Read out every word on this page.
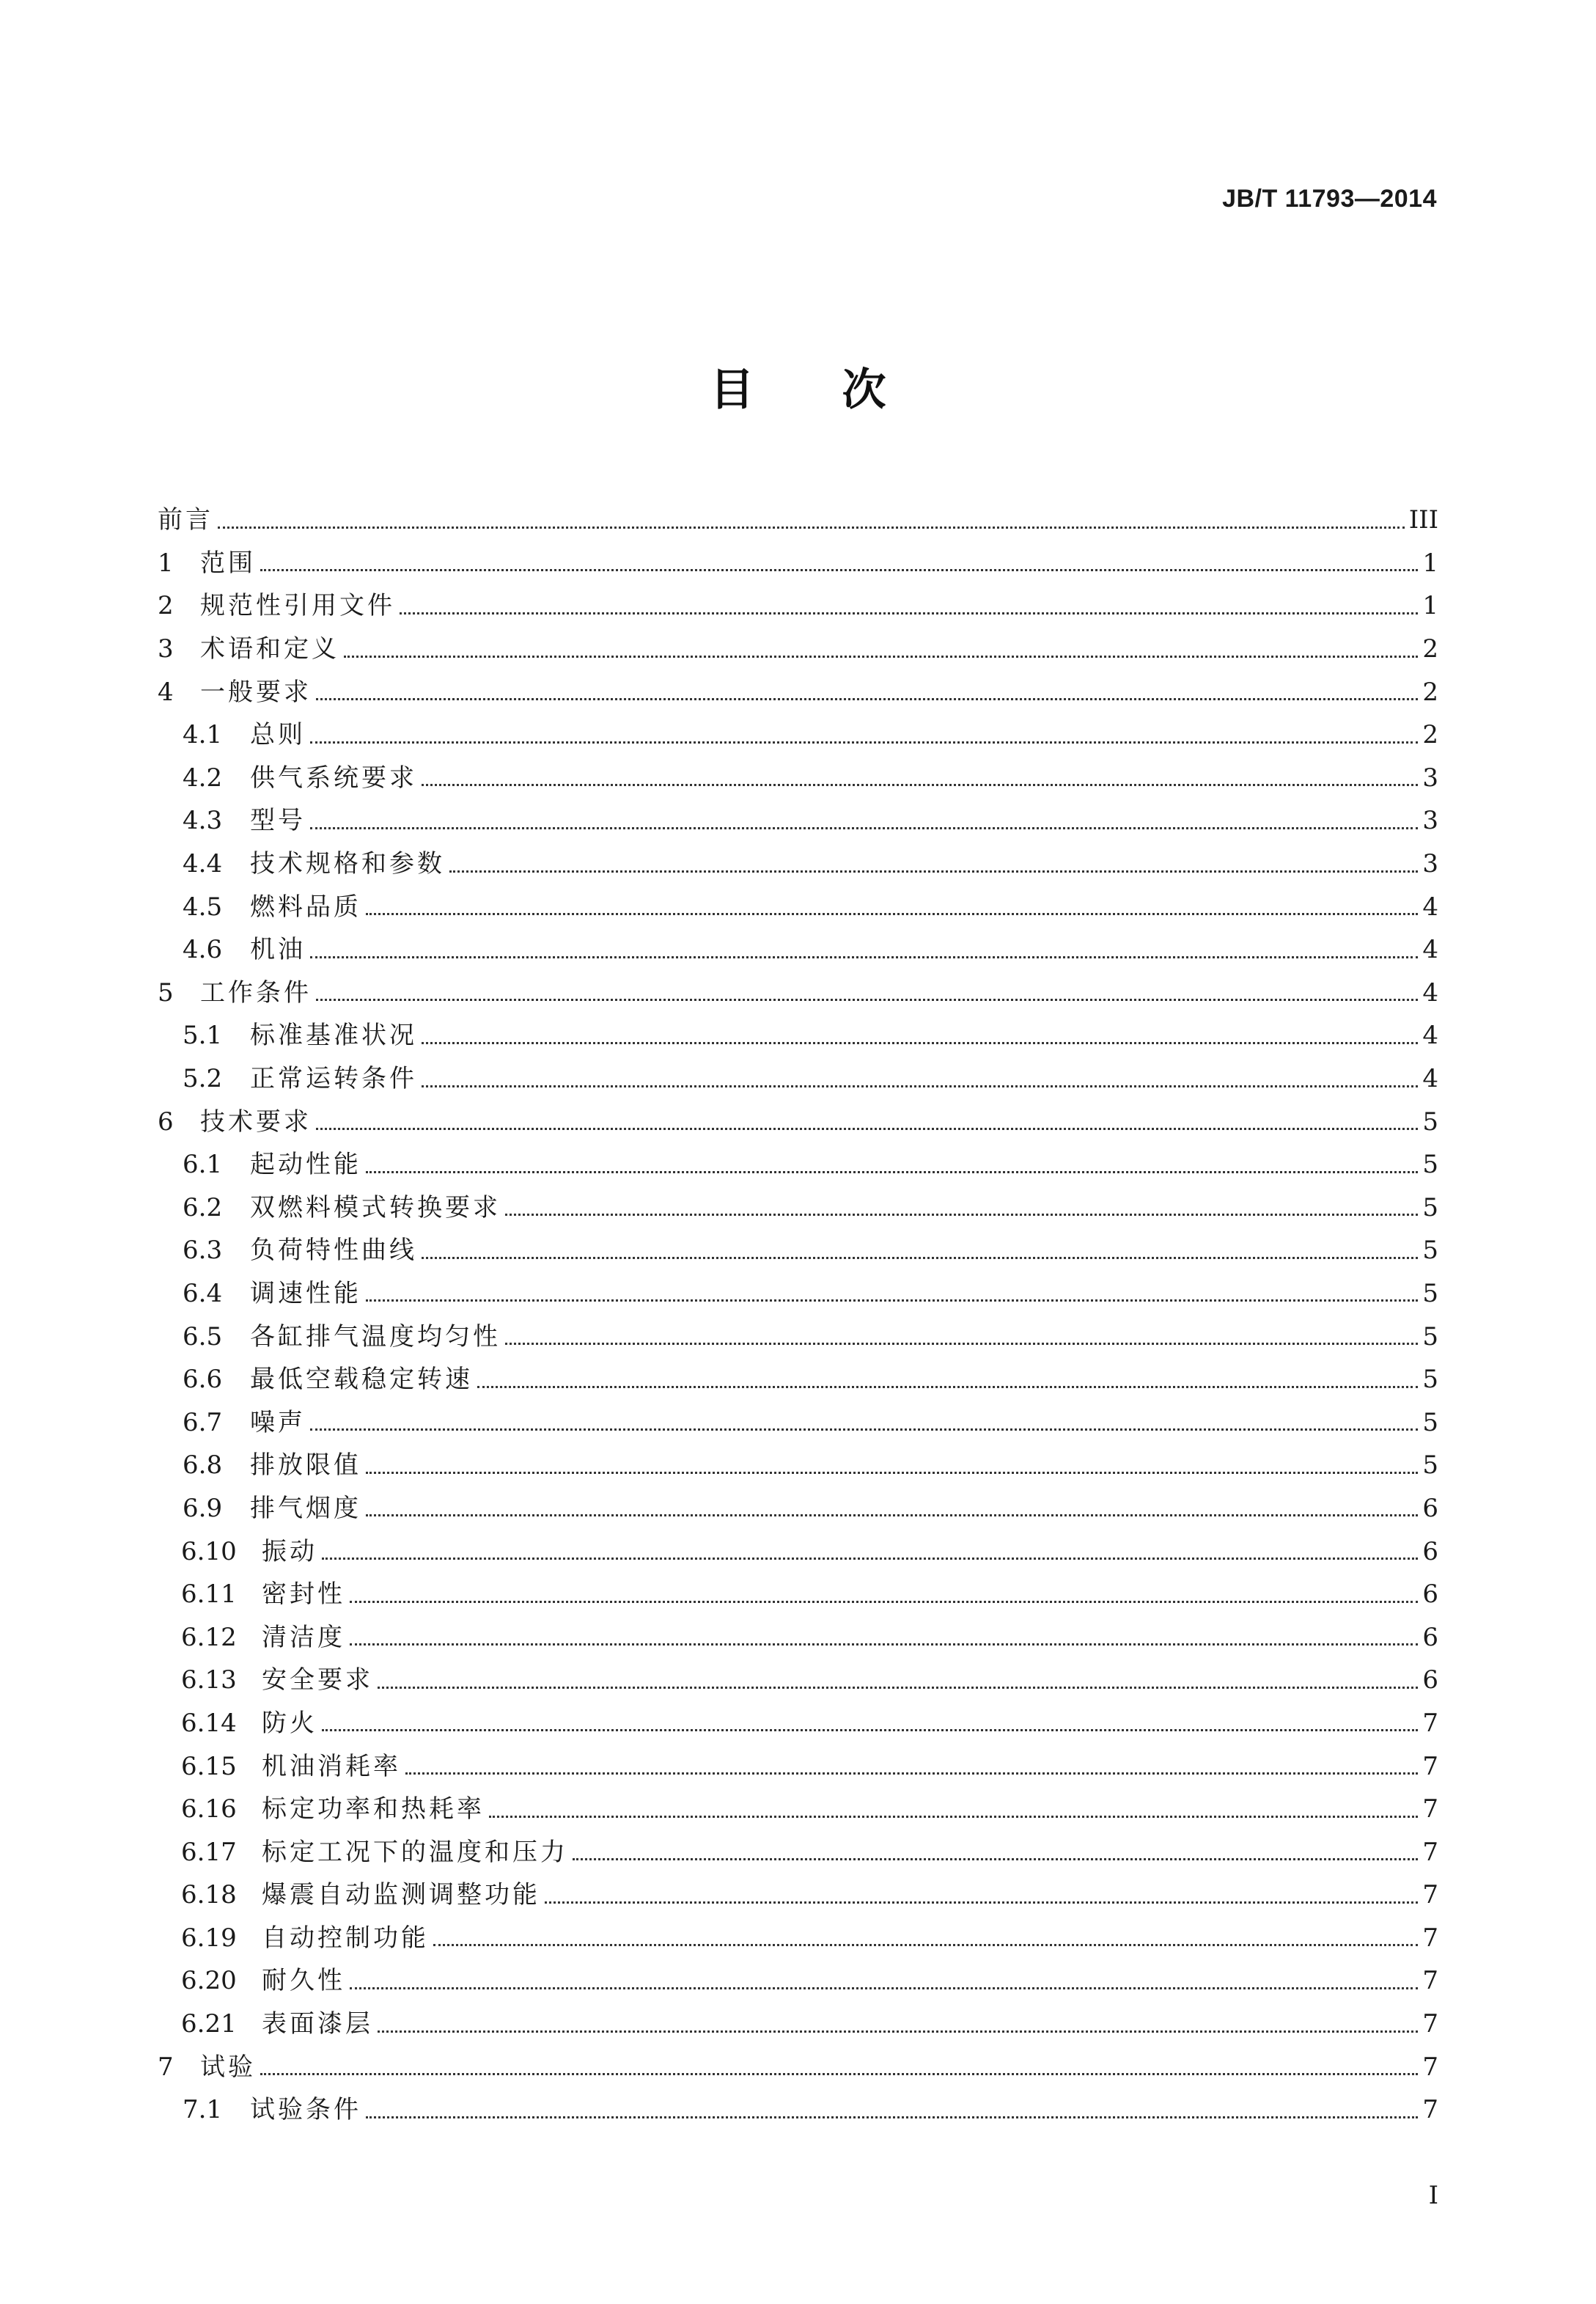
JB/T 11793—2014
目次
前言	III
1	范围	1
2	规范性引用文件	1
3	术语和定义	2
4	一般要求	2
4.1	总则	2
4.2	供气系统要求	3
4.3	型号	3
4.4	技术规格和参数	3
4.5	燃料品质	4
4.6	机油	4
5	工作条件	4
5.1	标准基准状况	4
5.2	正常运转条件	4
6	技术要求	5
6.1	起动性能	5
6.2	双燃料模式转换要求	5
6.3	负荷特性曲线	5
6.4	调速性能	5
6.5	各缸排气温度均匀性	5
6.6	最低空载稳定转速	5
6.7	噪声	5
6.8	排放限值	5
6.9	排气烟度	6
6.10	振动	6
6.11	密封性	6
6.12	清洁度	6
6.13	安全要求	6
6.14	防火	7
6.15	机油消耗率	7
6.16	标定功率和热耗率	7
6.17	标定工况下的温度和压力	7
6.18	爆震自动监测调整功能	7
6.19	自动控制功能	7
6.20	耐久性	7
6.21	表面漆层	7
7	试验	7
7.1	试验条件	7
I
